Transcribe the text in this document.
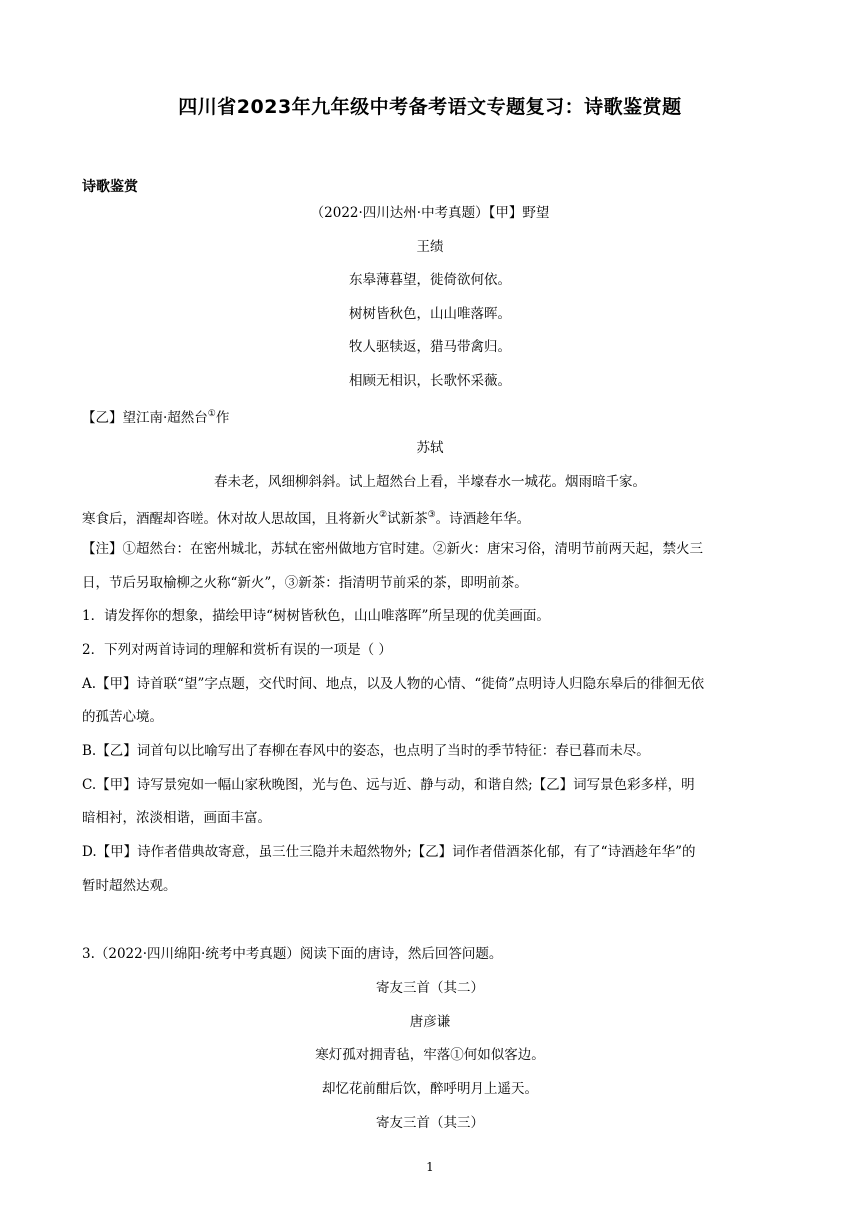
四川省2023年九年级中考备考语文专题复习：诗歌鉴赏题
诗歌鉴赏
（2022·四川达州·中考真题）【甲】野望
王绩
东皋薄暮望，徙倚欲何依。
树树皆秋色，山山唯落晖。
牧人驱犊返，猎马带禽归。
相顾无相识，长歌怀采薇。
【乙】望江南·超然台①作
苏轼
春未老，风细柳斜斜。试上超然台上看，半壕春水一城花。烟雨暗千家。
寒食后，酒醒却咨嗟。休对故人思故国，且将新火②试新茶③。诗酒趁年华。
【注】①超然台：在密州城北，苏轼在密州做地方官时建。②新火：唐宋习俗，清明节前两天起，禁火三
日，节后另取榆柳之火称“新火”，③新茶：指清明节前采的茶，即明前茶。
1．请发挥你的想象，描绘甲诗“树树皆秋色，山山唯落晖”所呈现的优美画面。
2．下列对两首诗词的理解和赏析有误的一项是（ ）
A.【甲】诗首联“望”字点题，交代时间、地点，以及人物的心情、“徙倚”点明诗人归隐东皋后的徘徊无依
的孤苦心境。
B.【乙】词首句以比喻写出了春柳在春风中的姿态，也点明了当时的季节特征：春已暮而未尽。
C.【甲】诗写景宛如一幅山家秋晚图，光与色、远与近、静与动，和谐自然;【乙】词写景色彩多样，明
暗相衬，浓淡相谐，画面丰富。
D.【甲】诗作者借典故寄意，虽三仕三隐并未超然物外;【乙】词作者借酒茶化郁，有了“诗酒趁年华”的
暂时超然达观。
3.（2022·四川绵阳·统考中考真题）阅读下面的唐诗，然后回答问题。
寄友三首（其二）
唐彦谦
寒灯孤对拥青毡，牢落①何如似客边。
却忆花前酣后饮，醉呼明月上遥天。
寄友三首（其三）
1
